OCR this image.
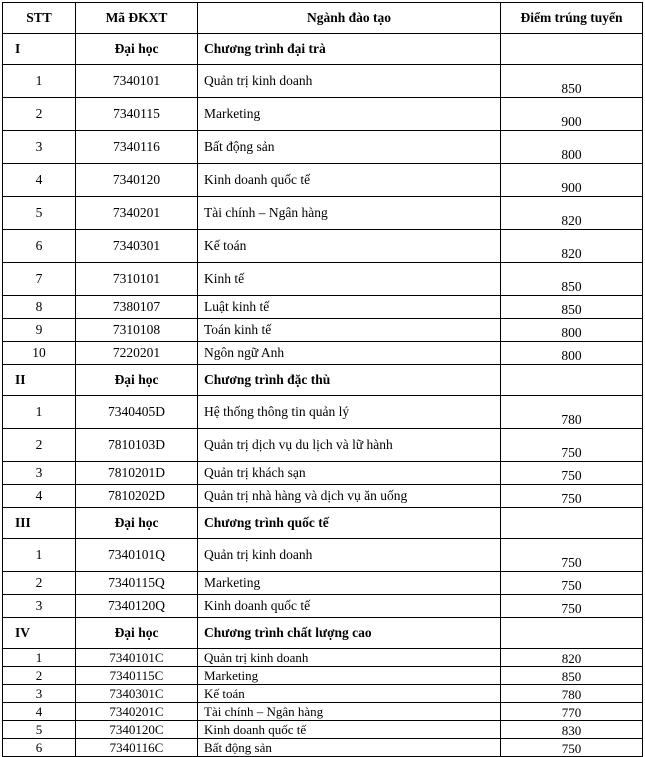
STT	Mã ĐKXT	Ngành đào tạo	Điểm trúng tuyển
I	Đại học	Chương trình đại trà	
1	7340101	Quản trị kinh doanh	850
2	7340115	Marketing	900
3	7340116	Bất động sản	800
4	7340120	Kinh doanh quốc tế	900
5	7340201	Tài chính – Ngân hàng	820
6	7340301	Kế toán	820
7	7310101	Kinh tế	850
8	7380107	Luật kinh tế	850
9	7310108	Toán kinh tế	800
10	7220201	Ngôn ngữ Anh	800
II	Đại học	Chương trình đặc thù	
1	7340405D	Hệ thống thông tin quản lý	780
2	7810103D	Quản trị dịch vụ du lịch và lữ hành	750
3	7810201D	Quản trị khách sạn	750
4	7810202D	Quản trị nhà hàng và dịch vụ ăn uống	750
III	Đại học	Chương trình quốc tế	
1	7340101Q	Quản trị kinh doanh	750
2	7340115Q	Marketing	750
3	7340120Q	Kinh doanh quốc tế	750
IV	Đại học	Chương trình chất lượng cao	
1	7340101C	Quản trị kinh doanh	820
2	7340115C	Marketing	850
3	7340301C	Kế toán	780
4	7340201C	Tài chính – Ngân hàng	770
5	7340120C	Kinh doanh quốc tế	830
6	7340116C	Bất động sản	750
